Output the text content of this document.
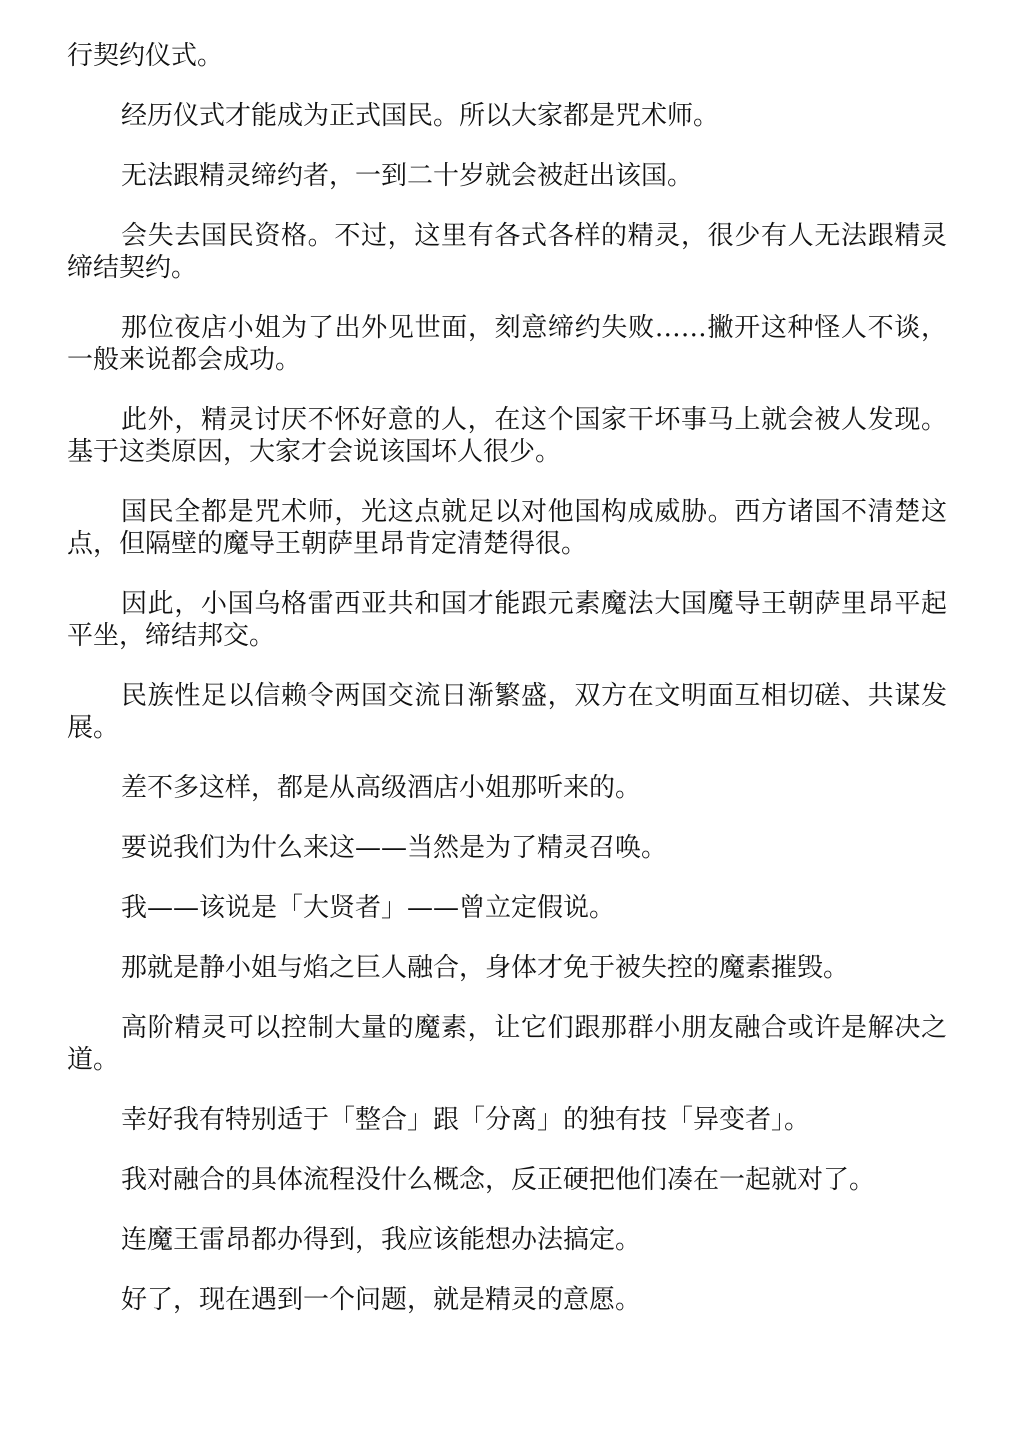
行契约仪式。

经历仪式才能成为正式国民。所以大家都是咒术师。

无法跟精灵缔约者，一到二十岁就会被赶出该国。

会失去国民资格。不过，这里有各式各样的精灵，很少有人无法跟精灵缔结契约。

那位夜店小姐为了出外见世面，刻意缔约失败……撇开这种怪人不谈，一般来说都会成功。

此外，精灵讨厌不怀好意的人，在这个国家干坏事马上就会被人发现。基于这类原因，大家才会说该国坏人很少。

国民全都是咒术师，光这点就足以对他国构成威胁。西方诸国不清楚这点，但隔壁的魔导王朝萨里昂肯定清楚得很。

因此，小国乌格雷西亚共和国才能跟元素魔法大国魔导王朝萨里昂平起平坐，缔结邦交。

民族性足以信赖令两国交流日渐繁盛，双方在文明面互相切磋、共谋发展。

差不多这样，都是从高级酒店小姐那听来的。

要说我们为什么来这——当然是为了精灵召唤。

我——该说是「大贤者」——曾立定假说。

那就是静小姐与焰之巨人融合，身体才免于被失控的魔素摧毁。

高阶精灵可以控制大量的魔素，让它们跟那群小朋友融合或许是解决之道。

幸好我有特别适于「整合」跟「分离」的独有技「异变者」。

我对融合的具体流程没什么概念，反正硬把他们凑在一起就对了。

连魔王雷昂都办得到，我应该能想办法搞定。

好了，现在遇到一个问题，就是精灵的意愿。
